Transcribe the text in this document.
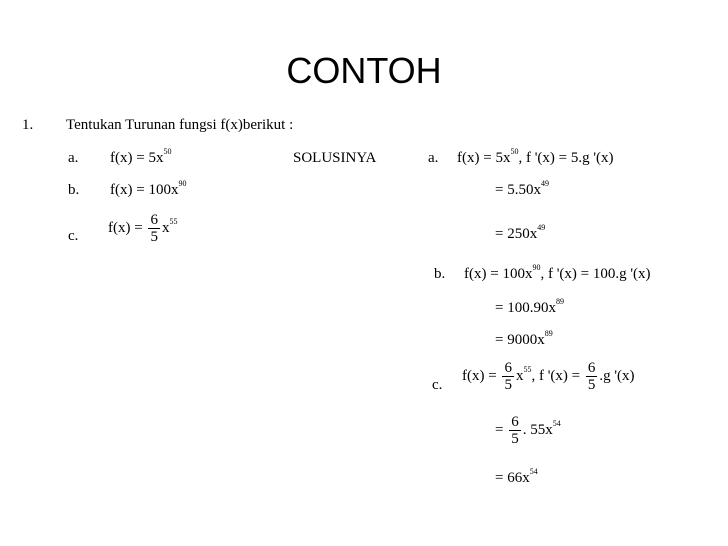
CONTOH
1. Tentukan Turunan fungsi f(x)berikut :
a. $f(x) = 5x^{50}$
b. $f(x) = 100x^{90}$
c.
$f(x) = \frac{6}{5} x^{55}$
SOLUSINYA	a. $f(x) = 5x^{50}$, f '(x) = 5.g '(x)
= $5.50x^{49}$
= $250x^{49}$
b. $f(x) = 100x^{90}$, f '(x) = 100.g '(x)
= $100.90x^{89}$
= $9000x^{89}$
c.
$f(x) = \frac{6}{5} x^{55}$, f '$(x) = \frac{6}{5} .g$ '(x)
= $\frac{6}{5}$ . $55x^{54}$
= $66x^{54}$
